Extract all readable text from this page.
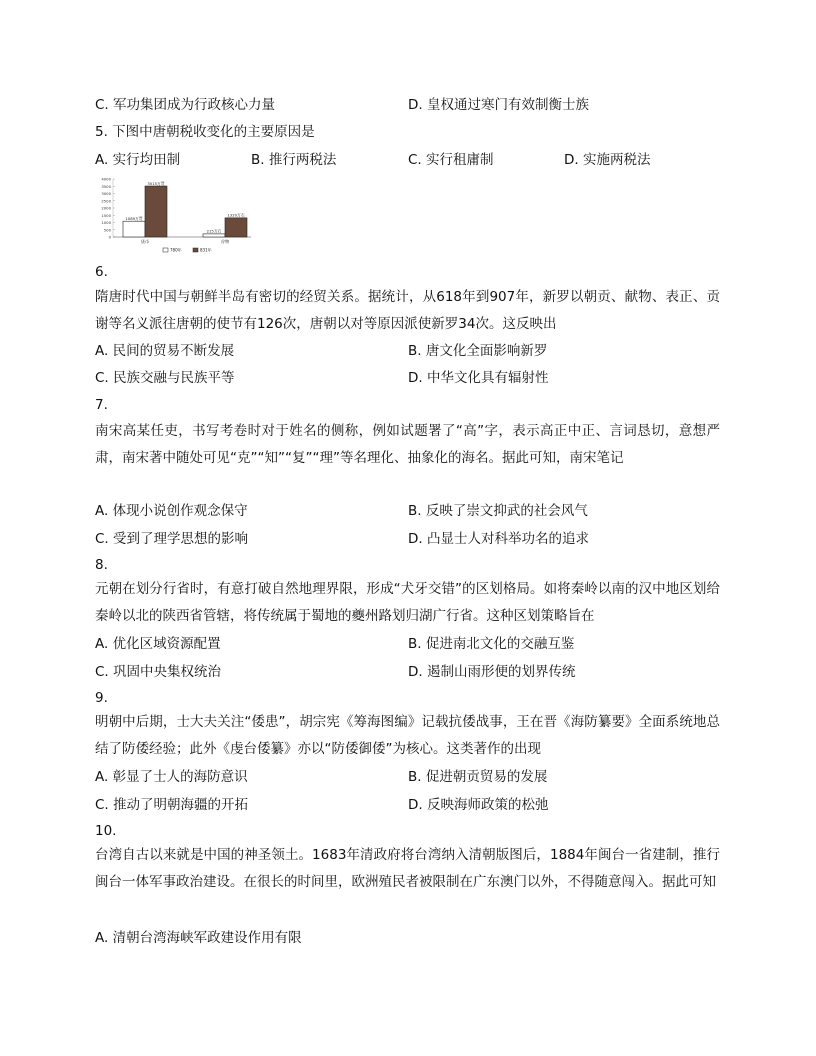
C. 军功集团成为行政核心力量	D. 皇权通过寒门有效制衡士族
5. 下图中唐朝税收变化的主要原因是
A. 实行均田制	B. 推行两税法	C. 实行租庸制	D. 实施两税法
4000
3500
3000
2500
2000
1500
1000
500
0
1089万贯
3515万贯
215万石
1320万石
货币	谷物
780年	831年
6.
隋唐时代中国与朝鲜半岛有密切的经贸关系。据统计，从618年到907年，新罗以朝贡、献物、表正、贡谢等名义派往唐朝的使节有126次，唐朝以对等原因派使新罗34次。这反映出
A. 民间的贸易不断发展	B. 唐文化全面影响新罗
C. 民族交融与民族平等	D. 中华文化具有辐射性
7.
南宋高某任吏，书写考卷时对于姓名的侧称，例如试题署了“高”字，表示高正中正、言词恳切，意想严肃，南宋著中随处可见“克”“知”“复”“理”等名理化、抽象化的海名。据此可知，南宋笔记
A. 体现小说创作观念保守	B. 反映了崇文抑武的社会风气
C. 受到了理学思想的影响	D. 凸显士人对科举功名的追求
8.
元朝在划分行省时，有意打破自然地理界限，形成“犬牙交错”的区划格局。如将秦岭以南的汉中地区划给秦岭以北的陕西省管辖，将传统属于蜀地的夔州路划归湖广行省。这种区划策略旨在
A. 优化区域资源配置	B. 促进南北文化的交融互鉴
C. 巩固中央集权统治	D. 遏制山雨形便的划界传统
9.
明朝中后期，士大夫关注“倭患”，胡宗宪《筹海图编》记载抗倭战事，王在晋《海防纂要》全面系统地总结了防倭经验；此外《虔台倭纂》亦以“防倭御倭”为核心。这类著作的出现
A. 彰显了士人的海防意识	B. 促进朝贡贸易的发展
C. 推动了明朝海疆的开拓	D. 反映海师政策的松弛
10.
台湾自古以来就是中国的神圣领土。1683年清政府将台湾纳入清朝版图后，1884年闽台一省建制，推行闽台一体军事政治建设。在很长的时间里，欧洲殖民者被限制在广东澳门以外，不得随意闯入。据此可知
A. 清朝台湾海峡军政建设作用有限
